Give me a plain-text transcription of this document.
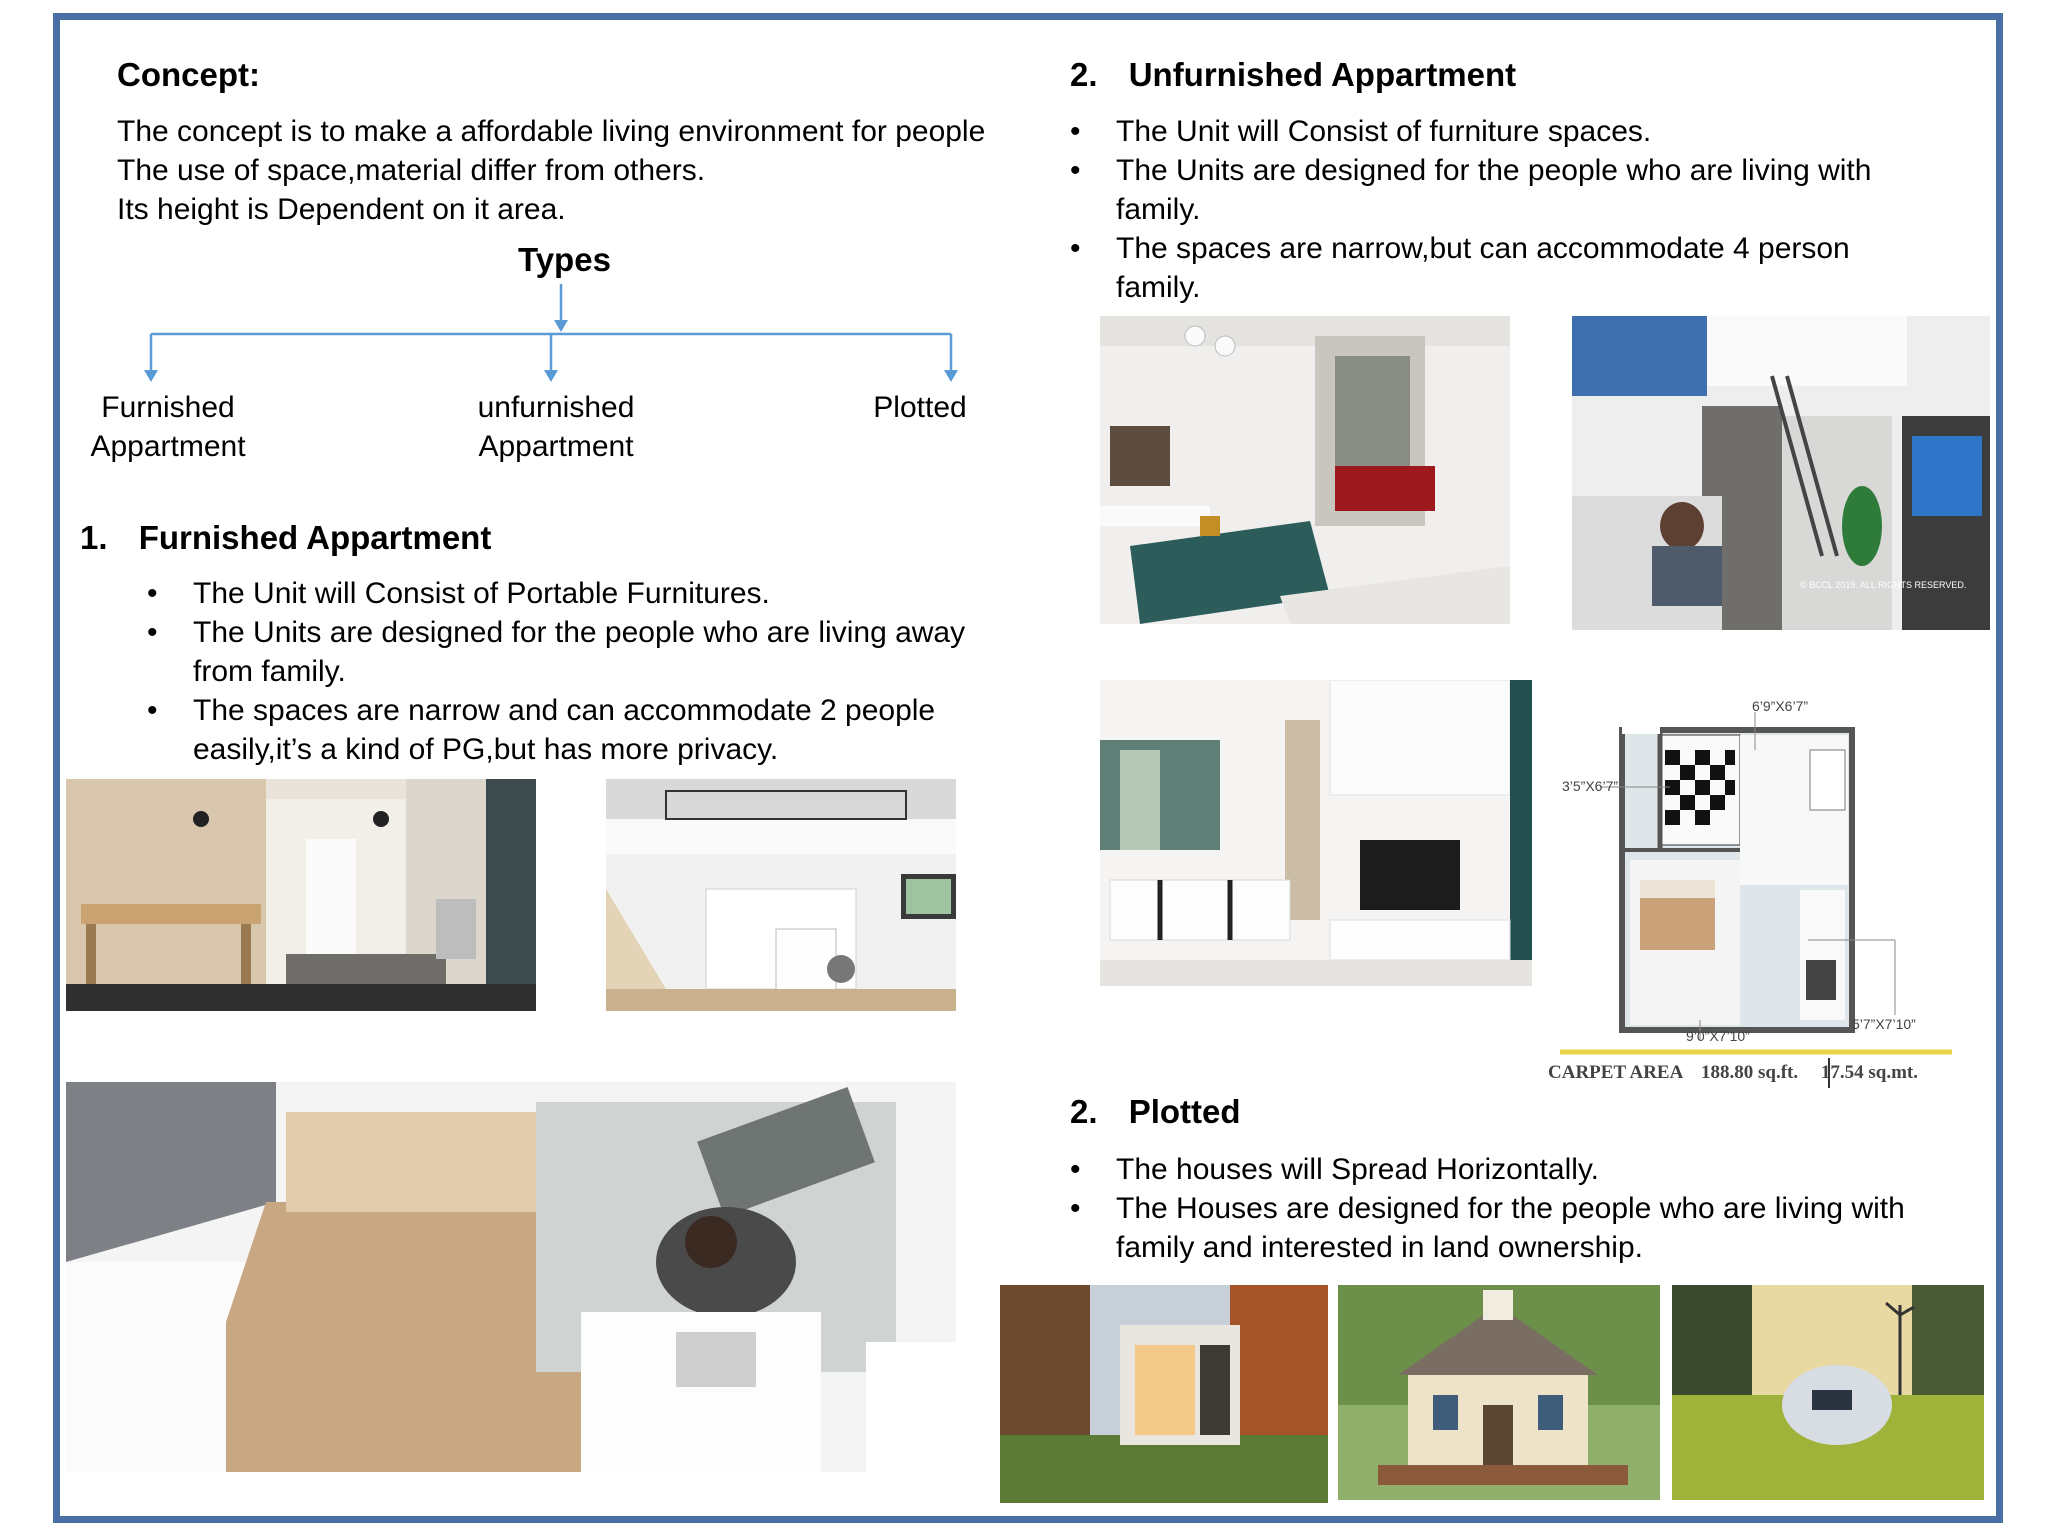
Concept:
The concept is to make a affordable living environment for people
The use of space,material differ from others.
Its height is Dependent on it area.
Types
Furnished
Appartment
unfurnished
Appartment
Plotted
1. Furnished Appartment
• The Unit will Consist of Portable Furnitures.
• The Units are designed for the people who are living away from family.
• The spaces are narrow and can accommodate 2 people easily,it’s a kind of PG,but has more privacy.
2. Unfurnished Appartment
• The Unit will Consist of furniture spaces.
• The Units are designed for the people who are living with family.
• The spaces are narrow,but can accommodate 4 person family.
© BCCL 2019. ALL RIGHTS RESERVED.
6’9”X6’7”
3’5”X6’7”
9’0”X7’10”
5’7”X7’10”
CARPET AREA 188.80 sq.ft. 17.54 sq.mt.
2. Plotted
• The houses will Spread Horizontally.
• The Houses are designed for the people who are living with family and interested in land ownership.
